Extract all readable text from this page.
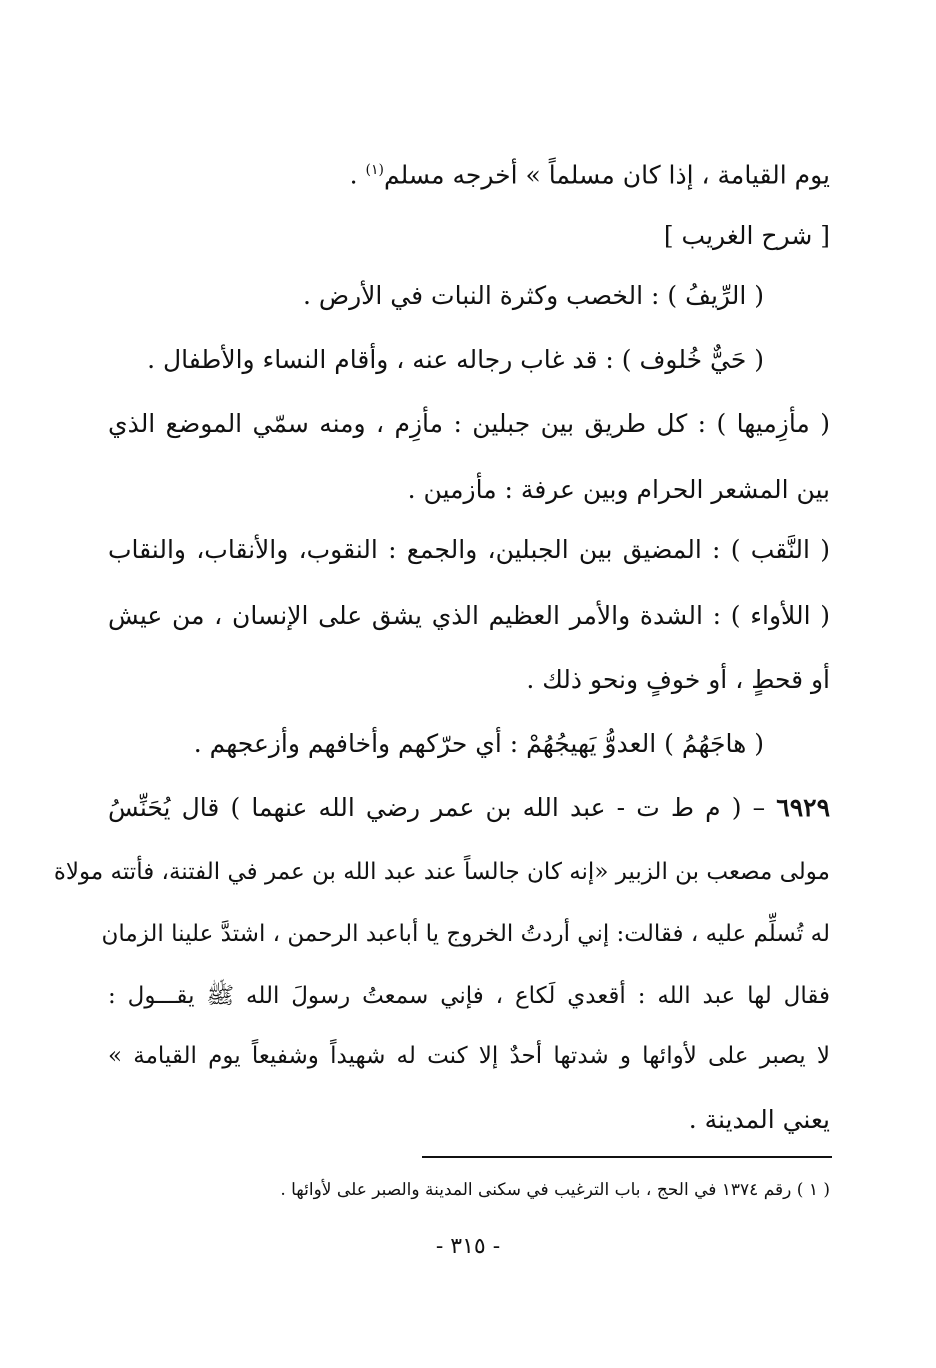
يوم القيامة ، إذا كان مسلماً » أخرجه مسلم$^{(١)}$ .
[ شرح الغريب ]
( الرِّيفُ ) : الخصب وكثرة النبات في الأرض .
( حَيٌّ خُلوف ) : قد غاب رجاله عنه ، وأقام النساء والأطفال .
( مأزِميها ) : كل طريق بين جبلين : مأزِم ، ومنه سمّي الموضع الذي
بين المشعر الحرام وبين عرفة : مأزمين .
( النَّقب ) : المضيق بين الجبلين، والجمع : النقوب، والأنقاب، والنقاب
( اللأواء ) : الشدة والأمر العظيم الذي يشق على الإنسان ، من عيش
أو قحطٍ ، أو خوفٍ ونحو ذلك .
( هاجَهُمُ ) العدوُّ يَهيجُهُمْ : أي حرّكهم وأخافهم وأزعجهم .
٦٩٢٩ – ( م ط ت - عبد الله بن عمر رضي الله عنهما ) قال يُحَنِّسُ
مولى مصعب بن الزبير «إنه كان جالساً عند عبد الله بن عمر في الفتنة، فأتته مولاة
له تُسلِّم عليه ، فقالت: إني أردتُ الخروج يا أباعبد الرحمن ، اشتدَّ علينا الزمان
فقال لها عبد الله : أقعدي لَكاع ، فإني سمعتُ رسولَ الله ﷺ يقـــول :
لا يصبر على لأوائها و شدتها أحدٌ إلا كنت له شهيداً وشفيعاً يوم القيامة »
يعني المدينة .
( ١ ) رقم ١٣٧٤ في الحج ، باب الترغيب في سكنى المدينة والصبر على لأوائها .
- ٣١٥ -
